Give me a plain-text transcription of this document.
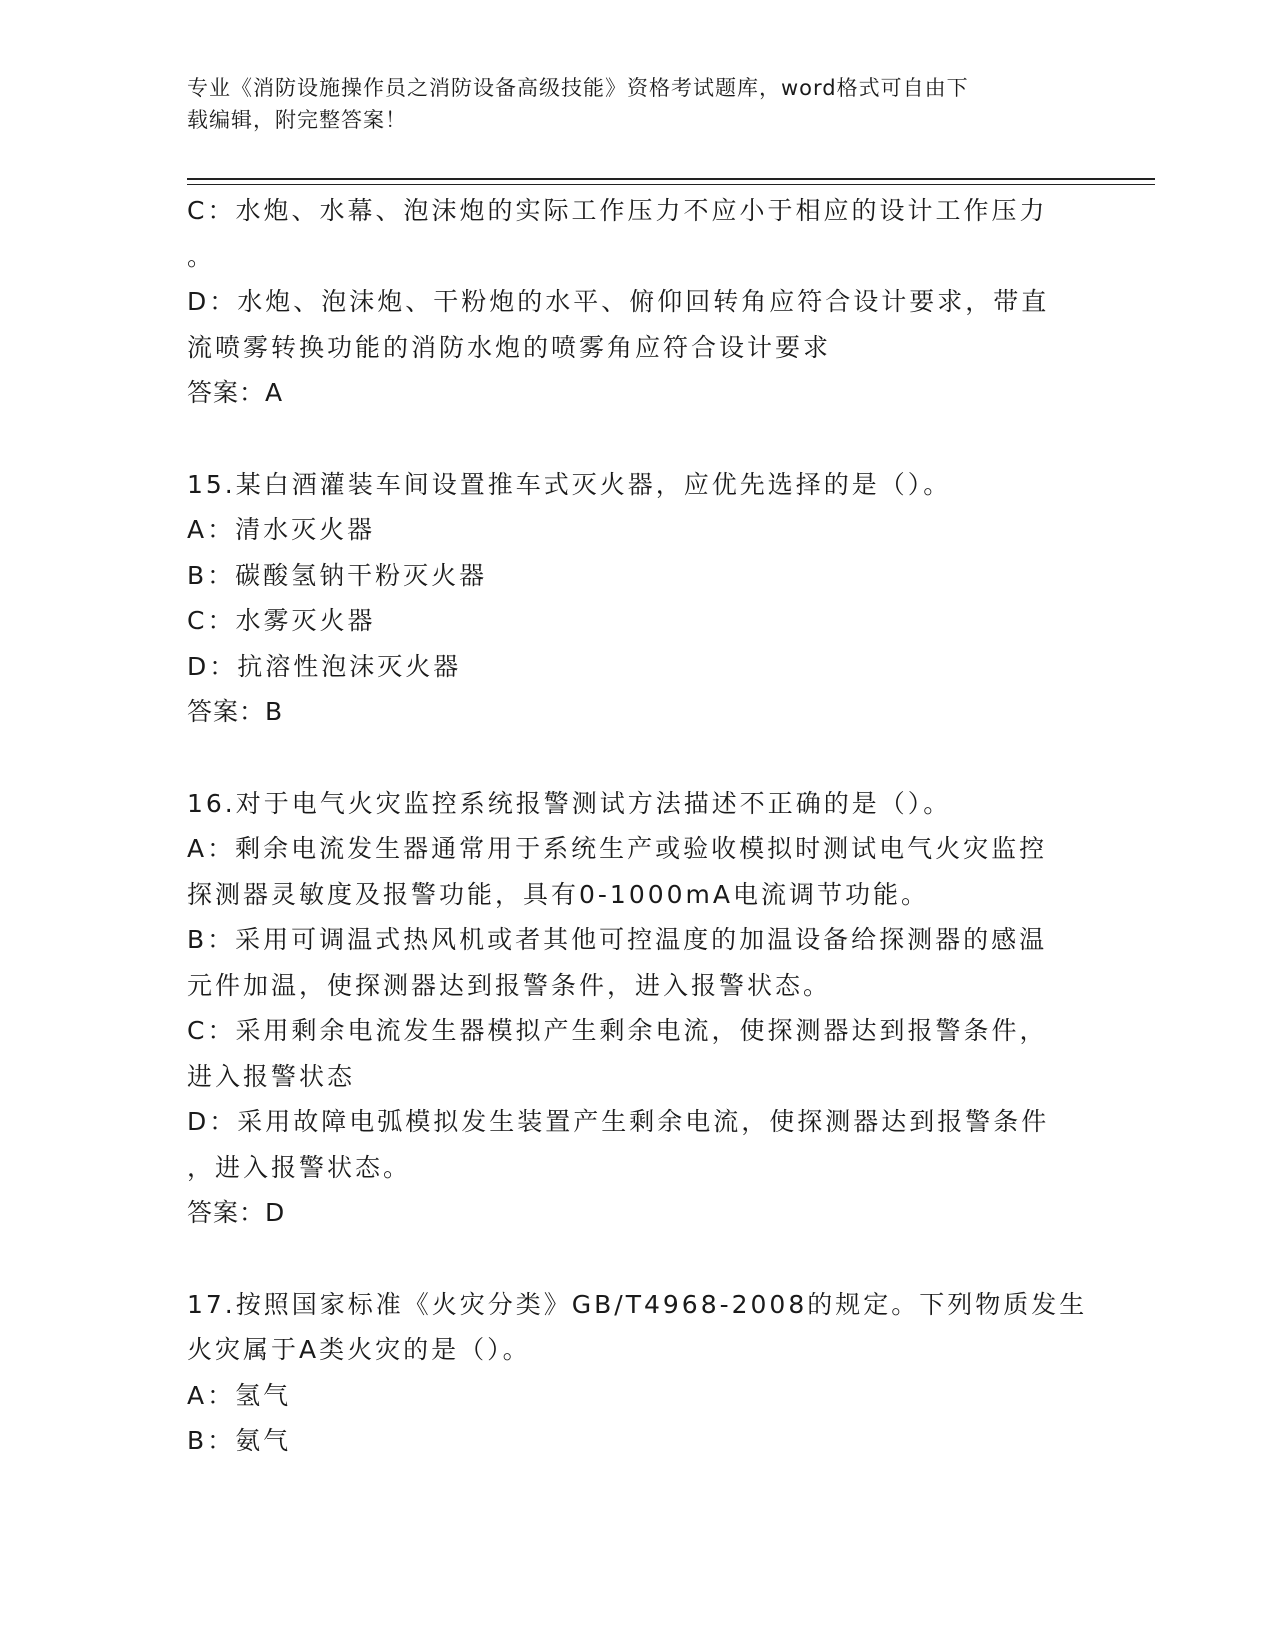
专业《消防设施操作员之消防设备高级技能》资格考试题库，word格式可自由下
载编辑，附完整答案！
C：水炮、水幕、泡沫炮的实际工作压力不应小于相应的设计工作压力
。
D：水炮、泡沫炮、干粉炮的水平、俯仰回转角应符合设计要求，带直
流喷雾转换功能的消防水炮的喷雾角应符合设计要求
答案：A
15.某白酒灌装车间设置推车式灭火器，应优先选择的是（）。
A：清水灭火器
B：碳酸氢钠干粉灭火器
C：水雾灭火器
D：抗溶性泡沫灭火器
答案：B
16.对于电气火灾监控系统报警测试方法描述不正确的是（）。
A：剩余电流发生器通常用于系统生产或验收模拟时测试电气火灾监控
探测器灵敏度及报警功能，具有0-1000mA电流调节功能。
B：采用可调温式热风机或者其他可控温度的加温设备给探测器的感温
元件加温，使探测器达到报警条件，进入报警状态。
C：采用剩余电流发生器模拟产生剩余电流，使探测器达到报警条件，
进入报警状态
D：采用故障电弧模拟发生装置产生剩余电流，使探测器达到报警条件
，进入报警状态。
答案：D
17.按照国家标准《火灾分类》GB/T4968-2008的规定。下列物质发生
火灾属于A类火灾的是（）。
A：氢气
B：氨气
